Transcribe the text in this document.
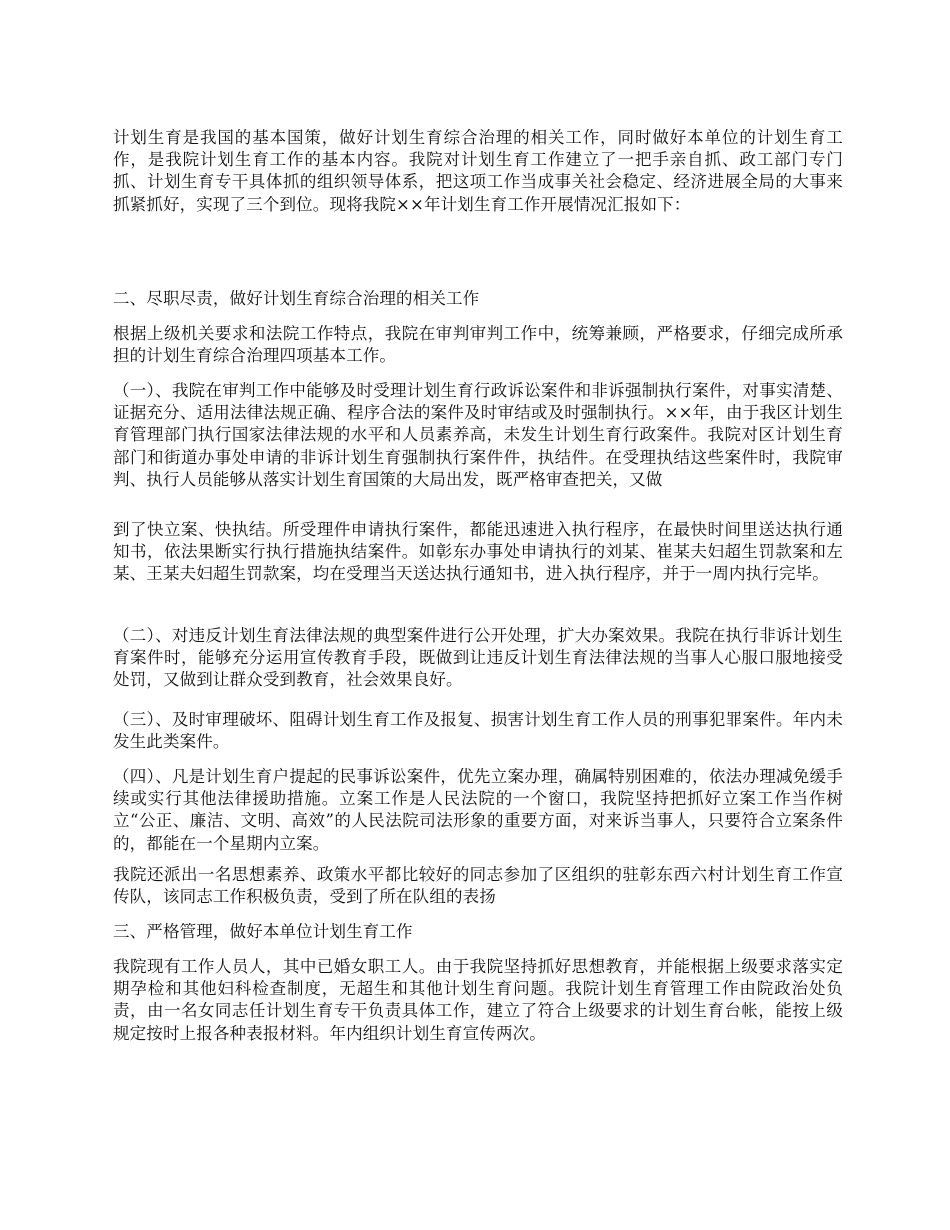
计划生育是我国的基本国策，做好计划生育综合治理的相关工作，同时做好本单位的计划生育工作，是我院计划生育工作的基本内容。我院对计划生育工作建立了一把手亲自抓、政工部门专门抓、计划生育专干具体抓的组织领导体系，把这项工作当成事关社会稳定、经济进展全局的大事来抓紧抓好，实现了三个到位。现将我院××年计划生育工作开展情况汇报如下：

二、尽职尽责，做好计划生育综合治理的相关工作

根据上级机关要求和法院工作特点，我院在审判审判工作中，统筹兼顾，严格要求，仔细完成所承担的计划生育综合治理四项基本工作。

（一）、我院在审判工作中能够及时受理计划生育行政诉讼案件和非诉强制执行案件，对事实清楚、证据充分、适用法律法规正确、程序合法的案件及时审结或及时强制执行。××年，由于我区计划生育管理部门执行国家法律法规的水平和人员素养高，未发生计划生育行政案件。我院对区计划生育部门和街道办事处申请的非诉计划生育强制执行案件件，执结件。在受理执结这些案件时，我院审判、执行人员能够从落实计划生育国策的大局出发，既严格审查把关，又做

到了快立案、快执结。所受理件申请执行案件，都能迅速进入执行程序，在最快时间里送达执行通知书，依法果断实行执行措施执结案件。如彰东办事处申请执行的刘某、崔某夫妇超生罚款案和左某、王某夫妇超生罚款案，均在受理当天送达执行通知书，进入执行程序，并于一周内执行完毕。

（二）、对违反计划生育法律法规的典型案件进行公开处理，扩大办案效果。我院在执行非诉计划生育案件时，能够充分运用宣传教育手段，既做到让违反计划生育法律法规的当事人心服口服地接受处罚，又做到让群众受到教育，社会效果良好。

（三）、及时审理破坏、阻碍计划生育工作及报复、损害计划生育工作人员的刑事犯罪案件。年内未发生此类案件。

（四）、凡是计划生育户提起的民事诉讼案件，优先立案办理，确属特别困难的，依法办理减免缓手续或实行其他法律援助措施。立案工作是人民法院的一个窗口，我院坚持把抓好立案工作当作树立“公正、廉洁、文明、高效”的人民法院司法形象的重要方面，对来诉当事人，只要符合立案条件的，都能在一个星期内立案。

我院还派出一名思想素养、政策水平都比较好的同志参加了区组织的驻彰东西六村计划生育工作宣传队，该同志工作积极负责，受到了所在队组的表扬

三、严格管理，做好本单位计划生育工作

我院现有工作人员人，其中已婚女职工人。由于我院坚持抓好思想教育，并能根据上级要求落实定期孕检和其他妇科检查制度，无超生和其他计划生育问题。我院计划生育管理工作由院政治处负责，由一名女同志任计划生育专干负责具体工作，建立了符合上级要求的计划生育台帐，能按上级规定按时上报各种表报材料。年内组织计划生育宣传两次。
